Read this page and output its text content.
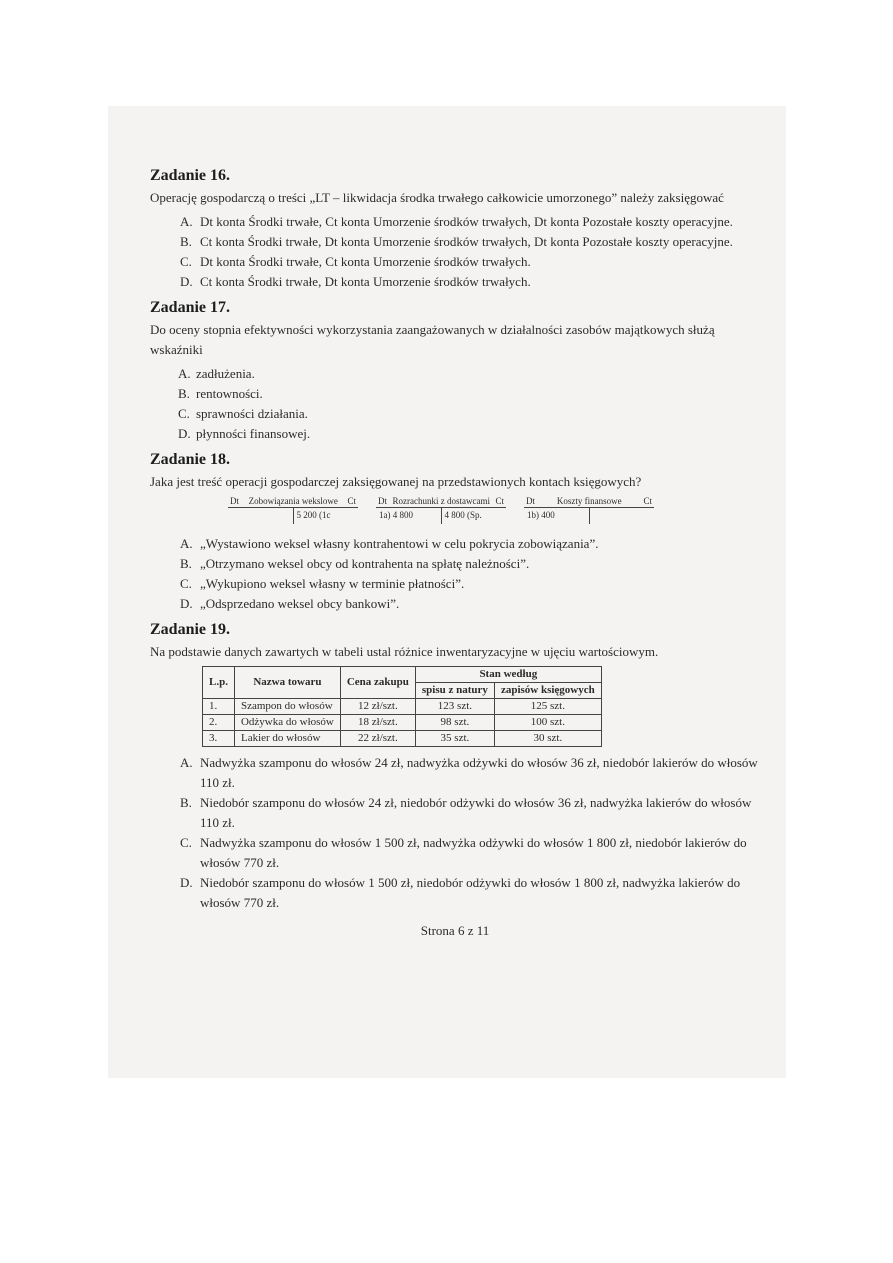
Zadanie 16.

Operację gospodarczą o treści „LT – likwidacja środka trwałego całkowicie umorzonego” należy zaksięgować

A. Dt konta Środki trwałe, Ct konta Umorzenie środków trwałych, Dt konta Pozostałe koszty operacyjne.
B. Ct konta Środki trwałe, Dt konta Umorzenie środków trwałych, Dt konta Pozostałe koszty operacyjne.
C. Dt konta Środki trwałe, Ct konta Umorzenie środków trwałych.
D. Ct konta Środki trwałe, Dt konta Umorzenie środków trwałych.
Zadanie 17.

Do oceny stopnia efektywności wykorzystania zaangażowanych w działalności zasobów majątkowych służą wskaźniki

A. zadłużenia.
B. rentowności.
C. sprawności działania.
D. płynności finansowej.
Zadanie 18.

Jaka jest treść operacji gospodarczej zaksięgowanej na przedstawionych kontach księgowych?

Dt	Zobowiązania wekslowe	Ct
5 200 (1c
Dt Rozrachunki z dostawcami Ct
1a) 4 800	4 800 (Sp.
Dt	Koszty finansowe	Ct
1b) 400
A. „Wystawiono weksel własny kontrahentowi w celu pokrycia zobowiązania”.
B. „Otrzymano weksel obcy od kontrahenta na spłatę należności”.
C. „Wykupiono weksel własny w terminie płatności”.
D. „Odsprzedano weksel obcy bankowi”.
Zadanie 19.

Na podstawie danych zawartych w tabeli ustal różnice inwentaryzacyjne w ujęciu wartościowym.

L.p.	Nazwa towaru	Cena zakupu	Stan według	
			spisu z natury	zapisów księgowych
1.	Szampon do włosów	12 zł/szt.	123 szt.	125 szt.
2.	Odżywka do włosów	18 zł/szt.	98 szt.	100 szt.
3.	Lakier do włosów	22 zł/szt.	35 szt.	30 szt.
A. Nadwyżka szamponu do włosów 24 zł, nadwyżka odżywki do włosów 36 zł, niedobór lakierów do włosów 110 zł.
B. Niedobór szamponu do włosów 24 zł, niedobór odżywki do włosów 36 zł, nadwyżka lakierów do włosów 110 zł.
C. Nadwyżka szamponu do włosów 1 500 zł, nadwyżka odżywki do włosów 1 800 zł, niedobór lakierów do włosów 770 zł.
D. Niedobór szamponu do włosów 1 500 zł, niedobór odżywki do włosów 1 800 zł, nadwyżka lakierów do włosów 770 zł.
Strona 6 z 11
